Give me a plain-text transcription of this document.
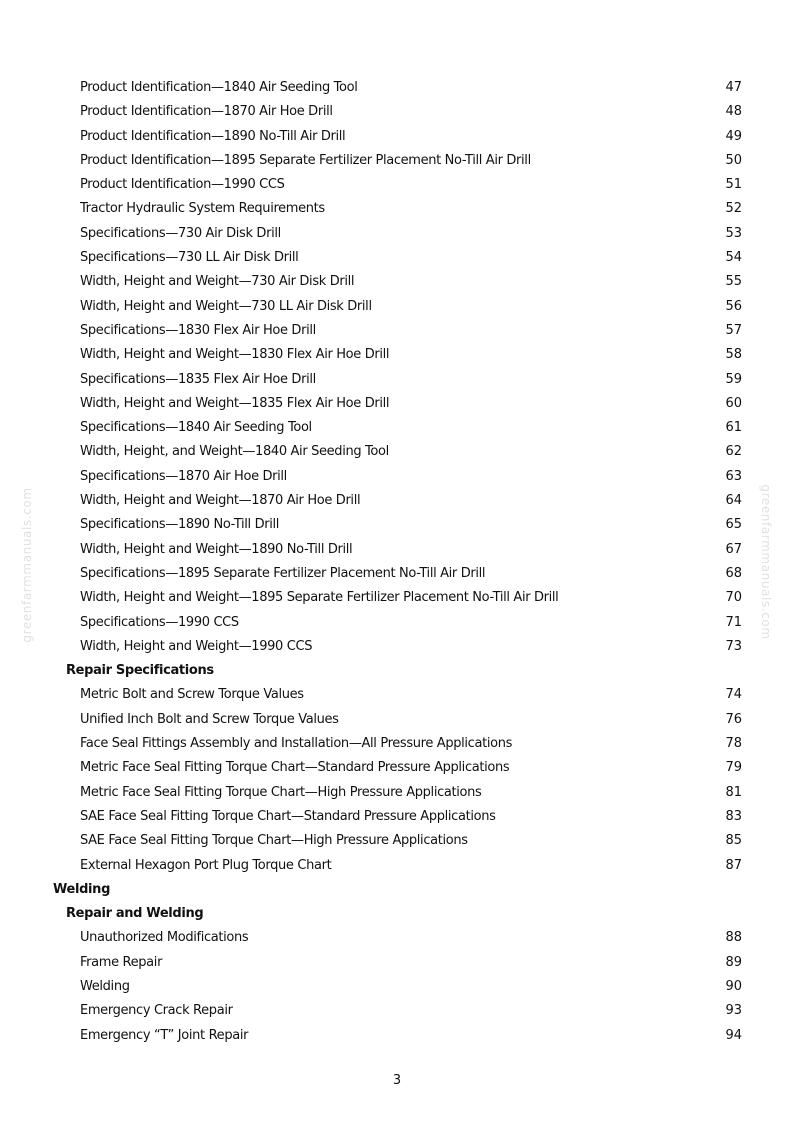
greenfarmmanuals.com	greenfarmmanuals.com
Product Identification—1840 Air Seeding Tool	47
Product Identification—1870 Air Hoe Drill	48
Product Identification—1890 No-Till Air Drill	49
Product Identification—1895 Separate Fertilizer Placement No-Till Air Drill	50
Product Identification—1990 CCS	51
Tractor Hydraulic System Requirements	52
Specifications—730 Air Disk Drill	53
Specifications—730 LL Air Disk Drill	54
Width, Height and Weight—730 Air Disk Drill	55
Width, Height and Weight—730 LL Air Disk Drill	56
Specifications—1830 Flex Air Hoe Drill	57
Width, Height and Weight—1830 Flex Air Hoe Drill	58
Specifications—1835 Flex Air Hoe Drill	59
Width, Height and Weight—1835 Flex Air Hoe Drill	60
Specifications—1840 Air Seeding Tool	61
Width, Height, and Weight—1840 Air Seeding Tool	62
Specifications—1870 Air Hoe Drill	63
Width, Height and Weight—1870 Air Hoe Drill	64
Specifications—1890 No-Till Drill	65
Width, Height and Weight—1890 No-Till Drill	67
Specifications—1895 Separate Fertilizer Placement No-Till Air Drill	68
Width, Height and Weight—1895 Separate Fertilizer Placement No-Till Air Drill	70
Specifications—1990 CCS	71
Width, Height and Weight—1990 CCS	73
Repair Specifications
Metric Bolt and Screw Torque Values	74
Unified Inch Bolt and Screw Torque Values	76
Face Seal Fittings Assembly and Installation—All Pressure Applications	78
Metric Face Seal Fitting Torque Chart—Standard Pressure Applications	79
Metric Face Seal Fitting Torque Chart—High Pressure Applications	81
SAE Face Seal Fitting Torque Chart—Standard Pressure Applications	83
SAE Face Seal Fitting Torque Chart—High Pressure Applications	85
External Hexagon Port Plug Torque Chart	87
Welding
Repair and Welding
Unauthorized Modifications	88
Frame Repair	89
Welding	90
Emergency Crack Repair	93
Emergency “T” Joint Repair	94
3
